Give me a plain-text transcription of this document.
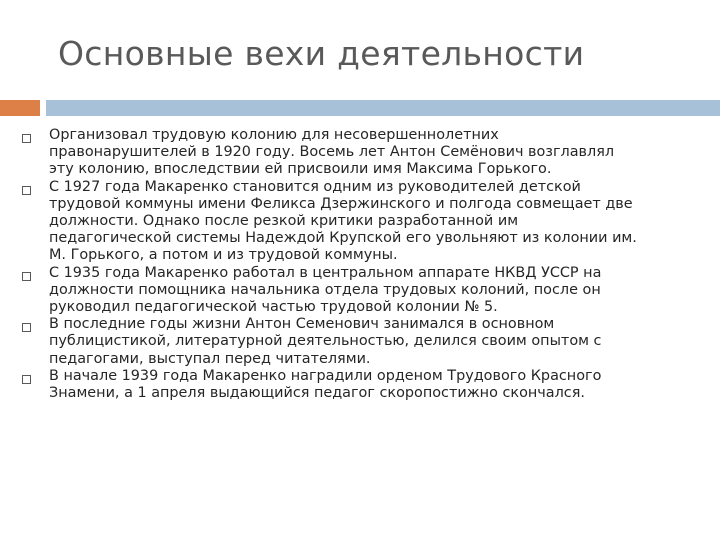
Основные вехи деятельности
Организовал трудовую колонию для несовершеннолетних
правонарушителей в 1920 году. Восемь лет Антон Семёнович возглавлял
эту колонию, впоследствии ей присвоили имя Максима Горького.
С 1927 года Макаренко становится одним из руководителей детской
трудовой коммуны имени Феликса Дзержинского и полгода совмещает две
должности. Однако после резкой критики разработанной им
педагогической системы Надеждой Крупской его увольняют из колонии им.
М. Горького, а потом и из трудовой коммуны.
С 1935 года Макаренко работал в центральном аппарате НКВД УССР на
должности помощника начальника отдела трудовых колоний, после он
руководил педагогической частью трудовой колонии № 5.
В последние годы жизни Антон Семенович занимался в основном
публицистикой, литературной деятельностью, делился своим опытом с
педагогами, выступал перед читателями.
В начале 1939 года Макаренко наградили орденом Трудового Красного
Знамени, а 1 апреля выдающийся педагог скоропостижно скончался.
